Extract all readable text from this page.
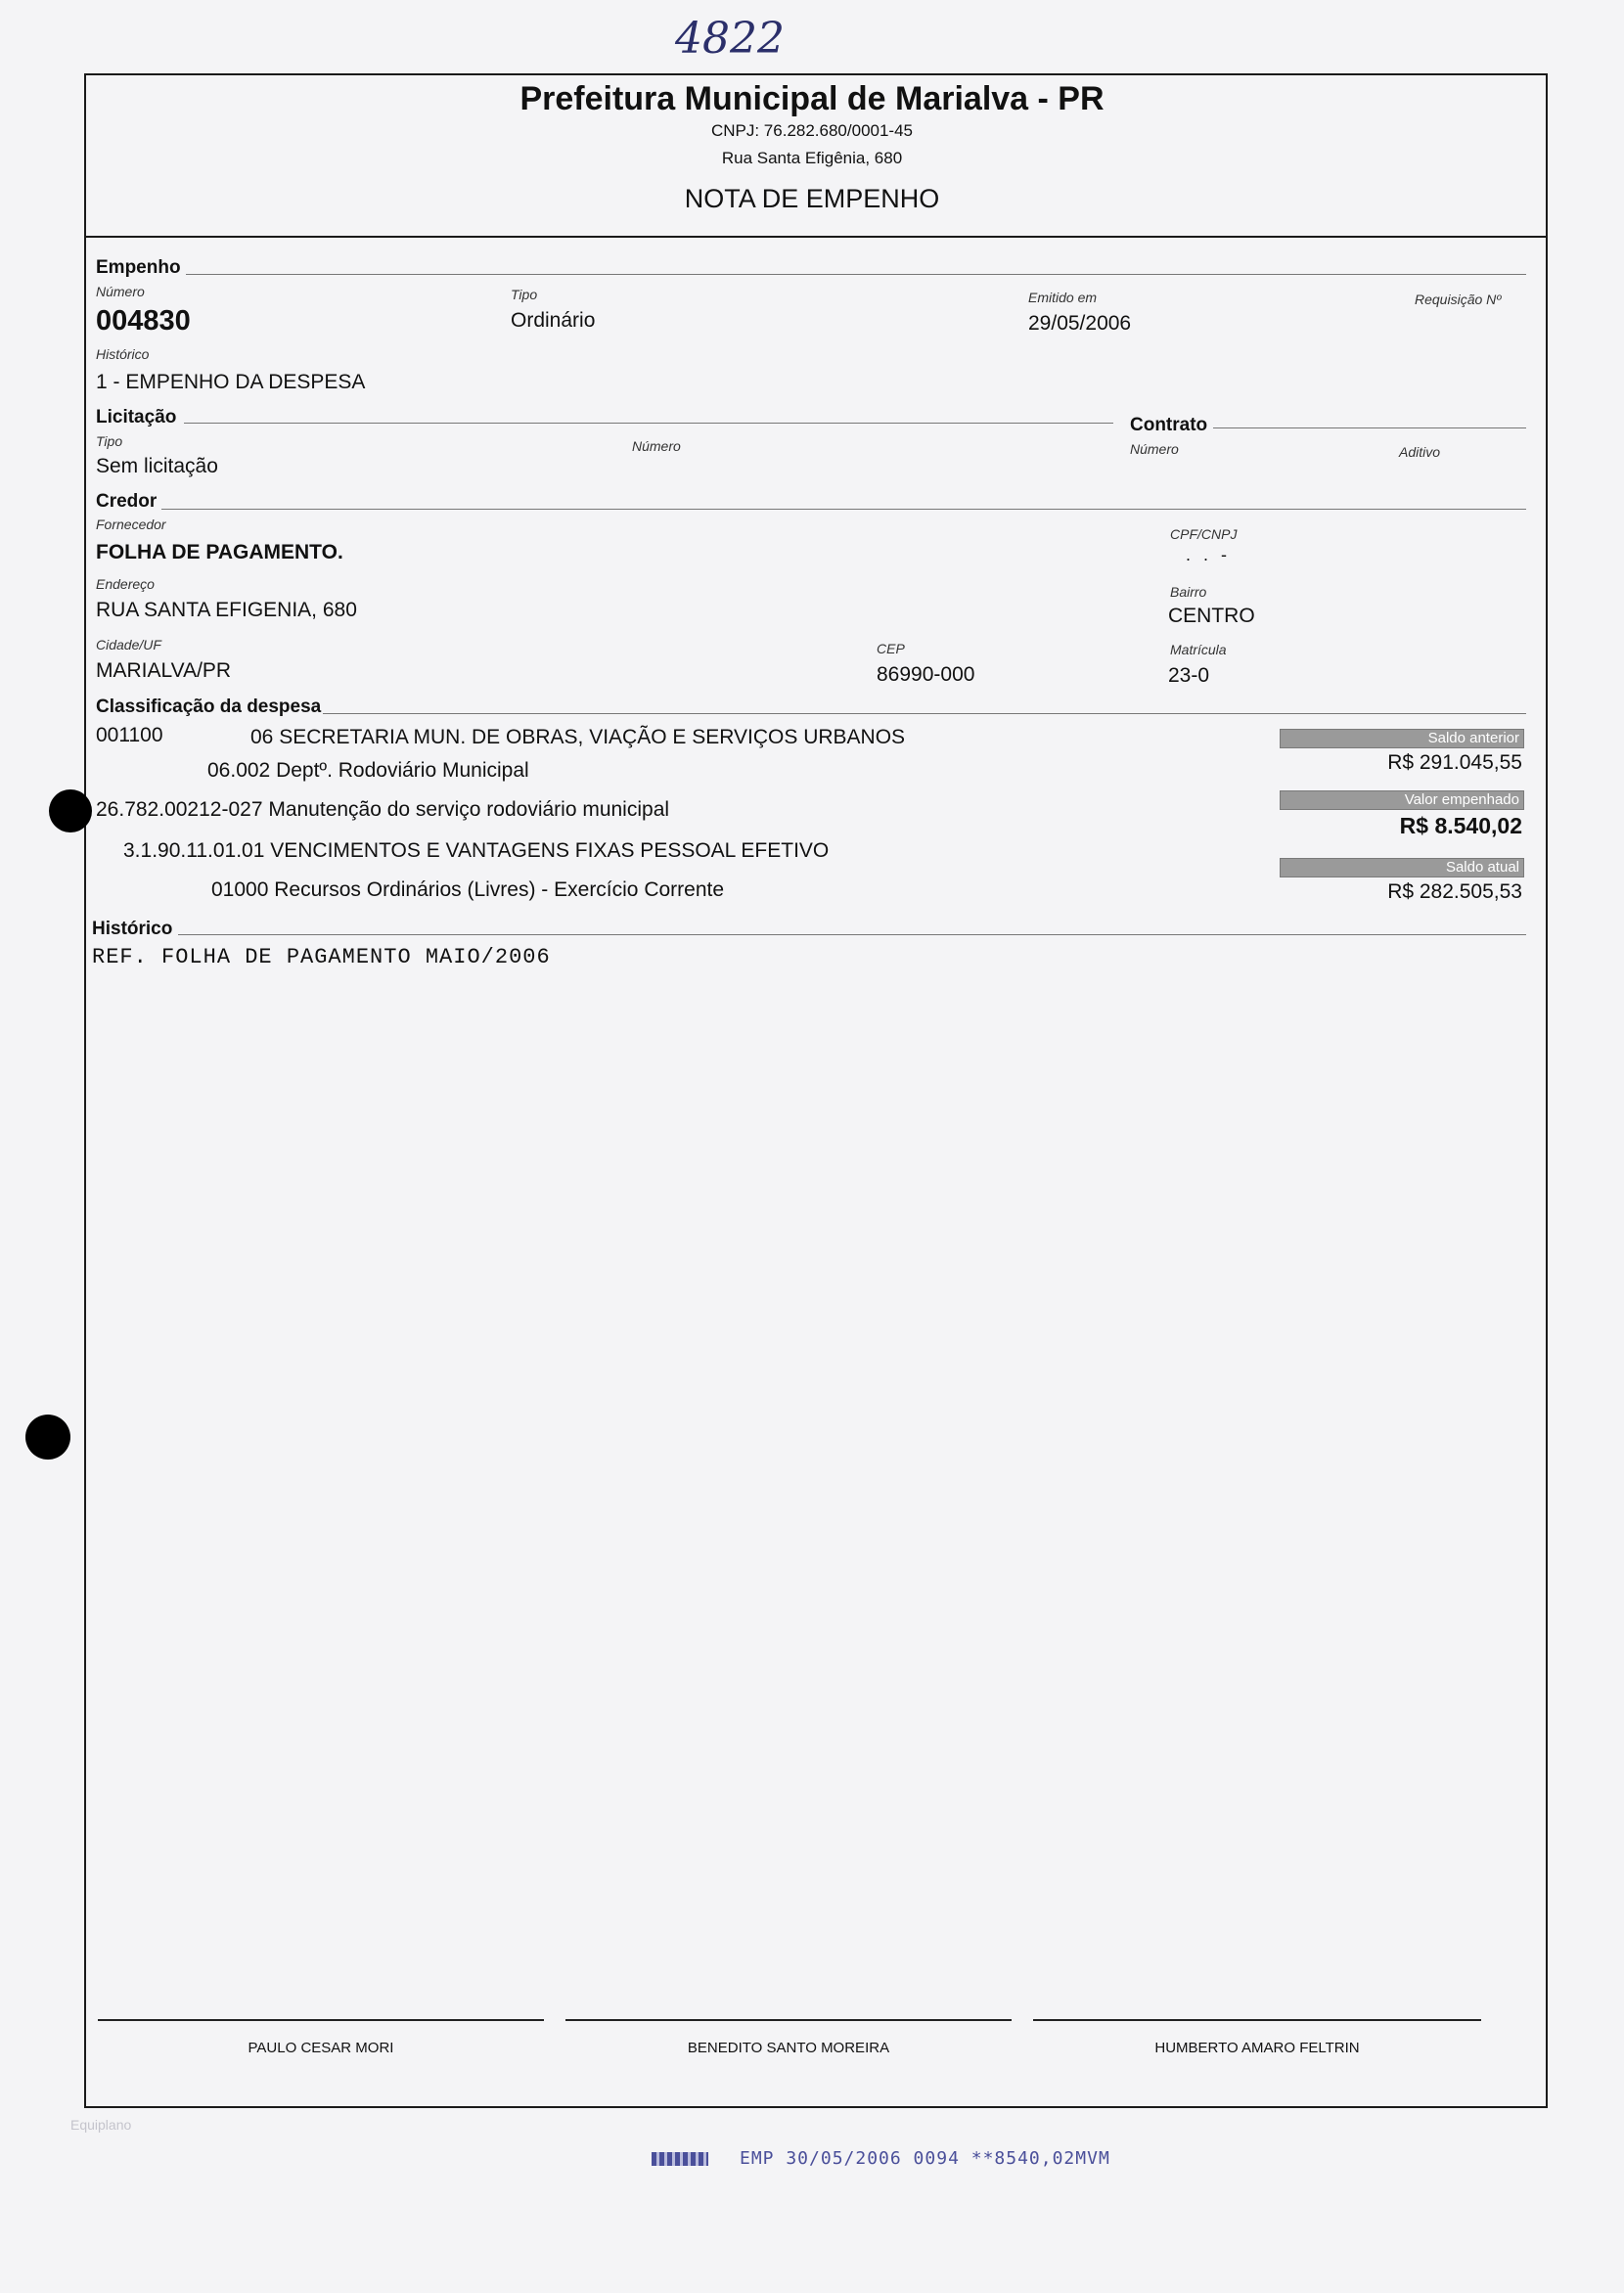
4822
Prefeitura Municipal de Marialva - PR
CNPJ: 76.282.680/0001-45
Rua Santa Efigênia, 680
NOTA DE EMPENHO
Empenho
Número
004830
Tipo
Ordinário
Emitido em
29/05/2006
Requisição Nº
Histórico
1 - EMPENHO DA DESPESA
Licitação	Contrato
Tipo
Sem licitação
Número	Número	Aditivo
Credor
Fornecedor
FOLHA DE PAGAMENTO.
CPF/CNPJ
. . -
Endereço
RUA SANTA EFIGENIA, 680
Bairro
CENTRO
Cidade/UF
MARIALVA/PR
CEP
86990-000
Matrícula
23-0
Classificação da despesa
001100	06 SECRETARIA MUN. DE OBRAS, VIAÇÃO E SERVIÇOS URBANOS
06.002 Deptº. Rodoviário Municipal
26.782.00212-027 Manutenção do serviço rodoviário municipal
3.1.90.11.01.01 VENCIMENTOS E VANTAGENS FIXAS PESSOAL EFETIVO
01000 Recursos Ordinários (Livres) - Exercício Corrente
Saldo anterior
R$ 291.045,55
Valor empenhado
R$ 8.540,02
Saldo atual
R$ 282.505,53
Histórico
REF. FOLHA DE PAGAMENTO MAIO/2006
PAULO CESAR MORI	BENEDITO SANTO MOREIRA	HUMBERTO AMARO FELTRIN
Equiplano
EMP 30/05/2006 0094 **8540,02MVM
